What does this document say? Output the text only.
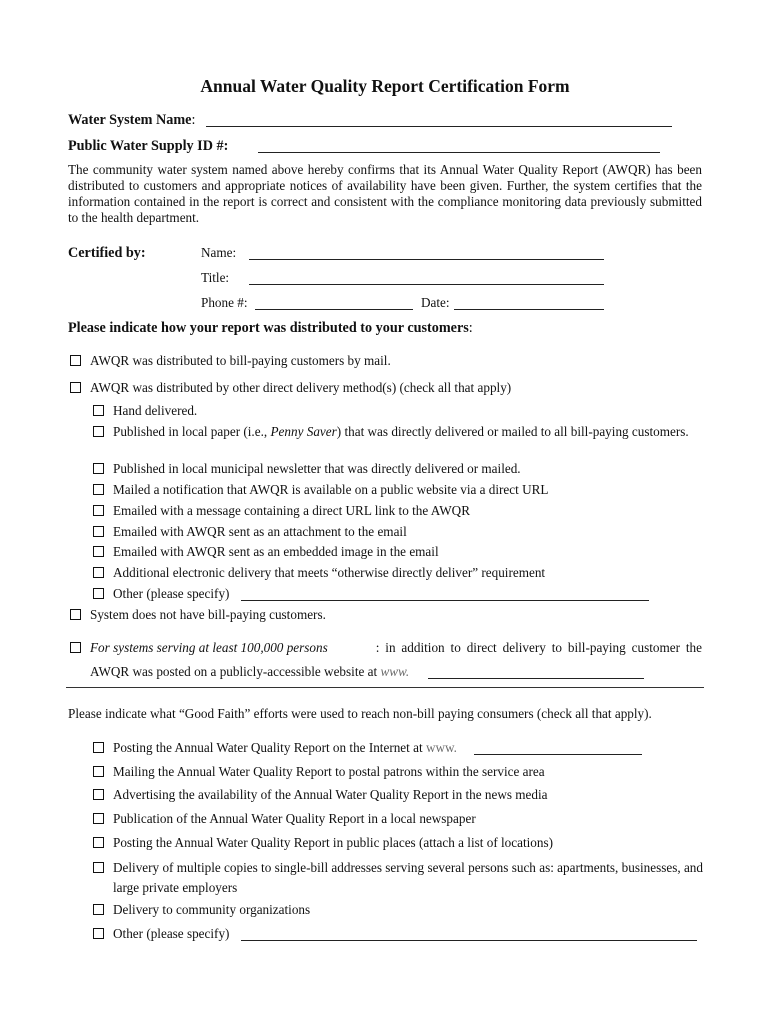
Annual Water Quality Report Certification Form
Water System Name:
Public Water Supply ID #:
The community water system named above hereby confirms that its Annual Water Quality Report (AWQR) has been distributed to customers and appropriate notices of availability have been given. Further, the system certifies that the information contained in the report is correct and consistent with the compliance monitoring data previously submitted to the health department.
Certified by:	Name:
Title:
Phone #:	Date:
Please indicate how your report was distributed to your customers:
AWQR was distributed to bill-paying customers by mail.
AWQR was distributed by other direct delivery method(s) (check all that apply)
Hand delivered.
Published in local paper (i.e., Penny Saver) that was directly delivered or mailed to all bill-paying customers.
Published in local municipal newsletter that was directly delivered or mailed.
Mailed a notification that AWQR is available on a public website via a direct URL
Emailed with a message containing a direct URL link to the AWQR
Emailed with AWQR sent as an attachment to the email
Emailed with AWQR sent as an embedded image in the email
Additional electronic delivery that meets “otherwise directly deliver” requirement
Other (please specify)
System does not have bill-paying customers.
For systems serving at least 100,000 persons	: in addition to direct delivery to bill-paying customer the
AWQR was posted on a publicly-accessible website at www.
Please indicate what “Good Faith” efforts were used to reach non-bill paying consumers (check all that apply).
Posting the Annual Water Quality Report on the Internet at www.
Mailing the Annual Water Quality Report to postal patrons within the service area
Advertising the availability of the Annual Water Quality Report in the news media
Publication of the Annual Water Quality Report in a local newspaper
Posting the Annual Water Quality Report in public places (attach a list of locations)
Delivery of multiple copies to single-bill addresses serving several persons such as: apartments, businesses, and large private employers
Delivery to community organizations
Other (please specify)
